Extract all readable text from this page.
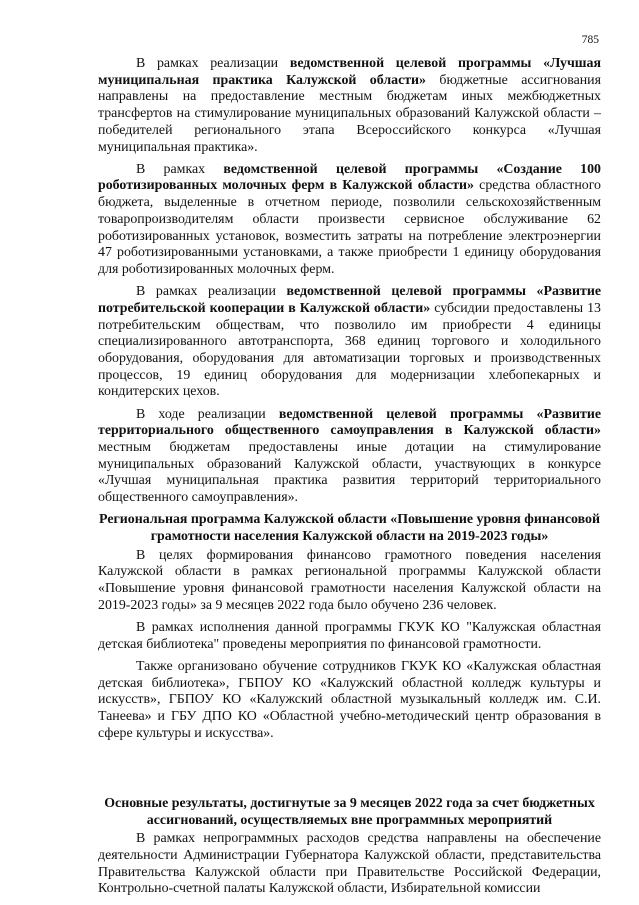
785

В рамках реализации ведомственной целевой программы «Лучшая муниципальная практика Калужской области» бюджетные ассигнования направлены на предоставление местным бюджетам иных межбюджетных трансфертов на стимулирование муниципальных образований Калужской области – победителей регионального этапа Всероссийского конкурса «Лучшая муниципальная практика».

В рамках ведомственной целевой программы «Создание 100 роботизированных молочных ферм в Калужской области» средства областного бюджета, выделенные в отчетном периоде, позволили сельскохозяйственным товаропроизводителям области произвести сервисное обслуживание 62 роботизированных установок, возместить затраты на потребление электроэнергии 47 роботизированными установками, а также приобрести 1 единицу оборудования для роботизированных молочных ферм.

В рамках реализации ведомственной целевой программы «Развитие потребительской кооперации в Калужской области» субсидии предоставлены 13 потребительским обществам, что позволило им приобрести 4 единицы специализированного автотранспорта, 368 единиц торгового и холодильного оборудования, оборудования для автоматизации торговых и производственных процессов, 19 единиц оборудования для модернизации хлебопекарных и кондитерских цехов.

В ходе реализации ведомственной целевой программы «Развитие территориального общественного самоуправления в Калужской области» местным бюджетам предоставлены иные дотации на стимулирование муниципальных образований Калужской области, участвующих в конкурсе «Лучшая муниципальная практика развития территорий территориального общественного самоуправления».

Региональная программа Калужской области «Повышение уровня финансовой грамотности населения Калужской области на 2019-2023 годы»

В целях формирования финансово грамотного поведения населения Калужской области в рамках региональной программы Калужской области «Повышение уровня финансовой грамотности населения Калужской области на 2019-2023 годы» за 9 месяцев 2022 года было обучено 236 человек.

В рамках исполнения данной программы ГКУК КО "Калужская областная детская библиотека" проведены мероприятия по финансовой грамотности.

Также организовано обучение сотрудников ГКУК КО «Калужская областная детская библиотека», ГБПОУ КО «Калужский областной колледж культуры и искусств», ГБПОУ КО «Калужский областной музыкальный колледж им. С.И. Танеева» и ГБУ ДПО КО «Областной учебно-методический центр образования в сфере культуры и искусства».

Основные результаты, достигнутые за 9 месяцев 2022 года за счет бюджетных ассигнований, осуществляемых вне программных мероприятий

В рамках непрограммных расходов средства направлены на обеспечение деятельности Администрации Губернатора Калужской области, представительства Правительства Калужской области при Правительстве Российской Федерации, Контрольно-счетной палаты Калужской области, Избирательной комиссии
